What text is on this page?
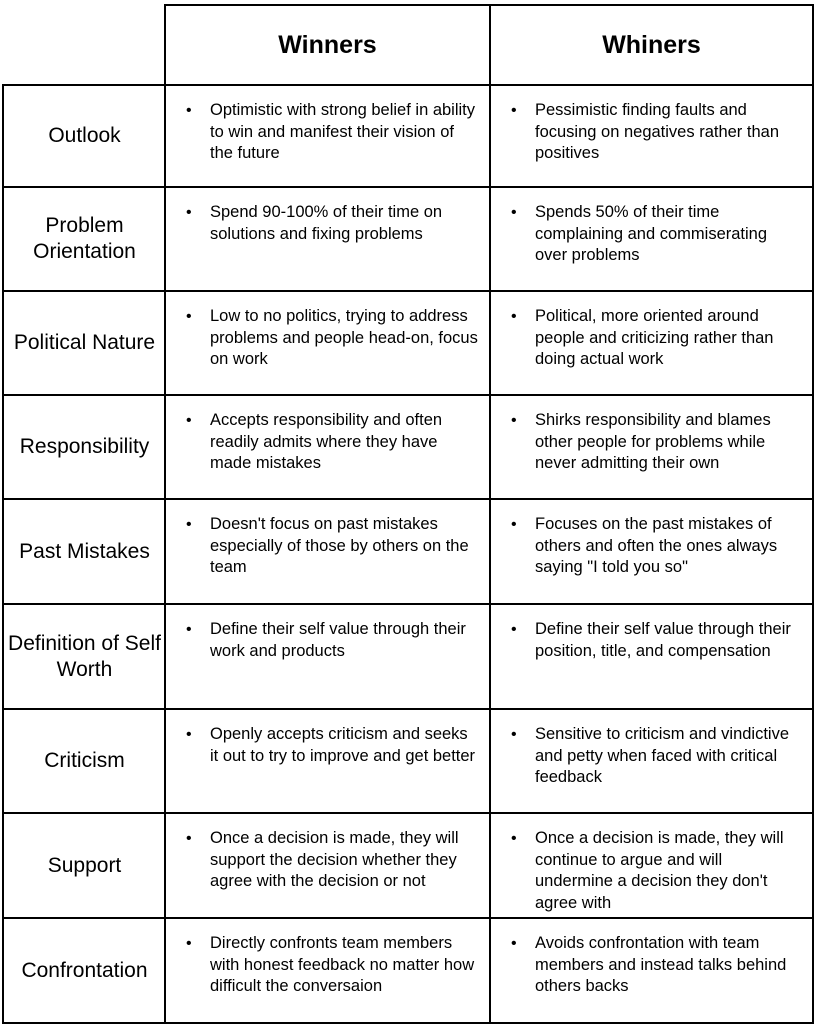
Winners	Whiners
Outlook
• Optimistic with strong belief in ability to win and manifest their vision of the future
• Pessimistic finding faults and focusing on negatives rather than positives
Problem Orientation
• Spend 90-100% of their time on solutions and fixing problems
• Spends 50% of their time complaining and commiserating over problems
Political Nature
• Low to no politics, trying to address problems and people head-on, focus on work
• Political, more oriented around people and criticizing rather than doing actual work
Responsibility
• Accepts responsibility and often readily admits where they have made mistakes
• Shirks responsibility and blames other people for problems while never admitting their own
Past Mistakes
• Doesn't focus on past mistakes especially of those by others on the team
• Focuses on the past mistakes of others and often the ones always saying "I told you so"
Definition of Self Worth
• Define their self value through their work and products
• Define their self value through their position, title, and compensation
Criticism
• Openly accepts criticism and seeks it out to try to improve and get better
• Sensitive to criticism and vindictive and petty when faced with critical feedback
Support
• Once a decision is made, they will support the decision whether they agree with the decision or not
• Once a decision is made, they will continue to argue and will undermine a decision they don't agree with
Confrontation
• Directly confronts team members with honest feedback no matter how difficult the conversaion
• Avoids confrontation with team members and instead talks behind others backs
